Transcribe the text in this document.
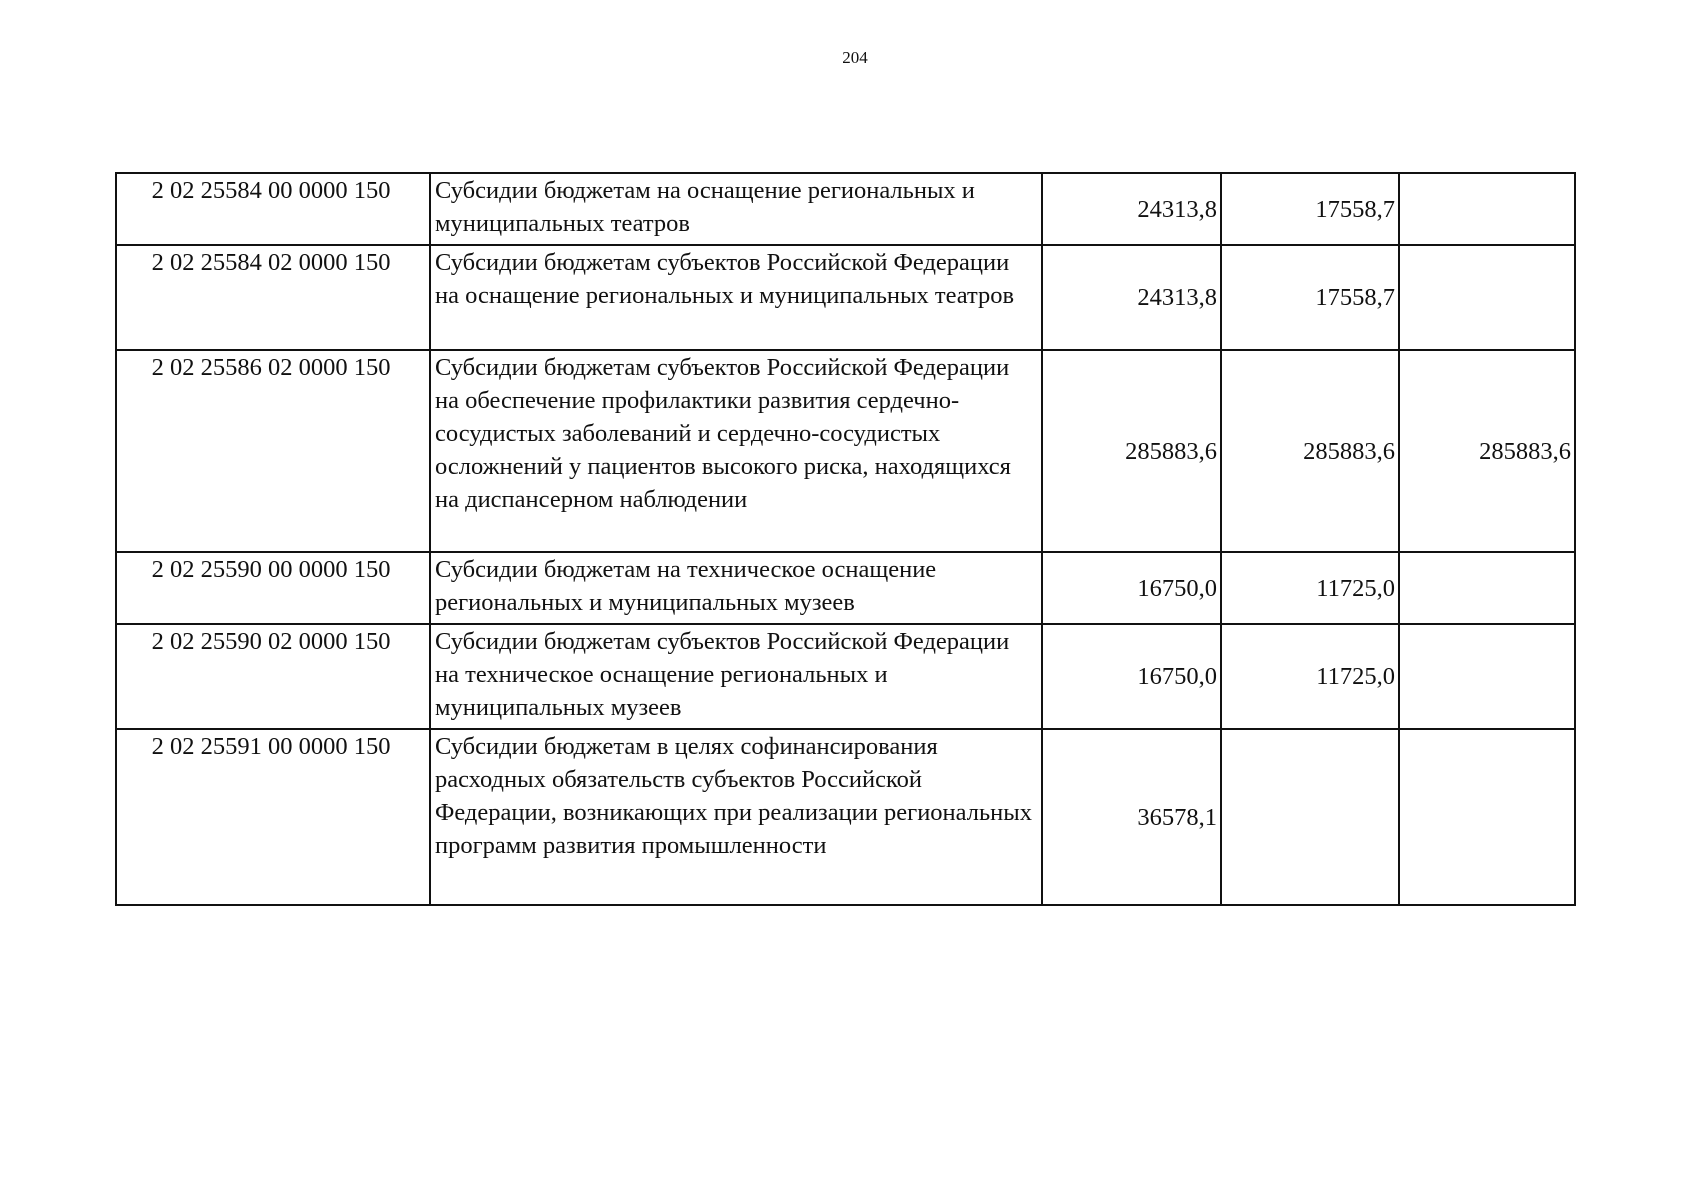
204
2 02 25584 00 0000 150	Субсидии бюджетам на оснащение региональных и муниципальных театров	24313,8	17558,7	
2 02 25584 02 0000 150	Субсидии бюджетам субъектов Российской Федерации на оснащение региональных и муниципальных театров	24313,8	17558,7	
2 02 25586 02 0000 150	Субсидии бюджетам субъектов Российской Федерации на обеспечение профилактики развития сердечно-сосудистых заболеваний и сердечно-сосудистых осложнений у пациентов высокого риска, находящихся на диспансерном наблюдении	285883,6	285883,6	285883,6
2 02 25590 00 0000 150	Субсидии бюджетам на техническое оснащение региональных и муниципальных музеев	16750,0	11725,0	
2 02 25590 02 0000 150	Субсидии бюджетам субъектов Российской Федерации на техническое оснащение региональных и муниципальных музеев	16750,0	11725,0	
2 02 25591 00 0000 150	Субсидии бюджетам в целях софинансирования расходных обязательств субъектов Российской Федерации, возникающих при реализации региональных программ развития промышленности	36578,1		
